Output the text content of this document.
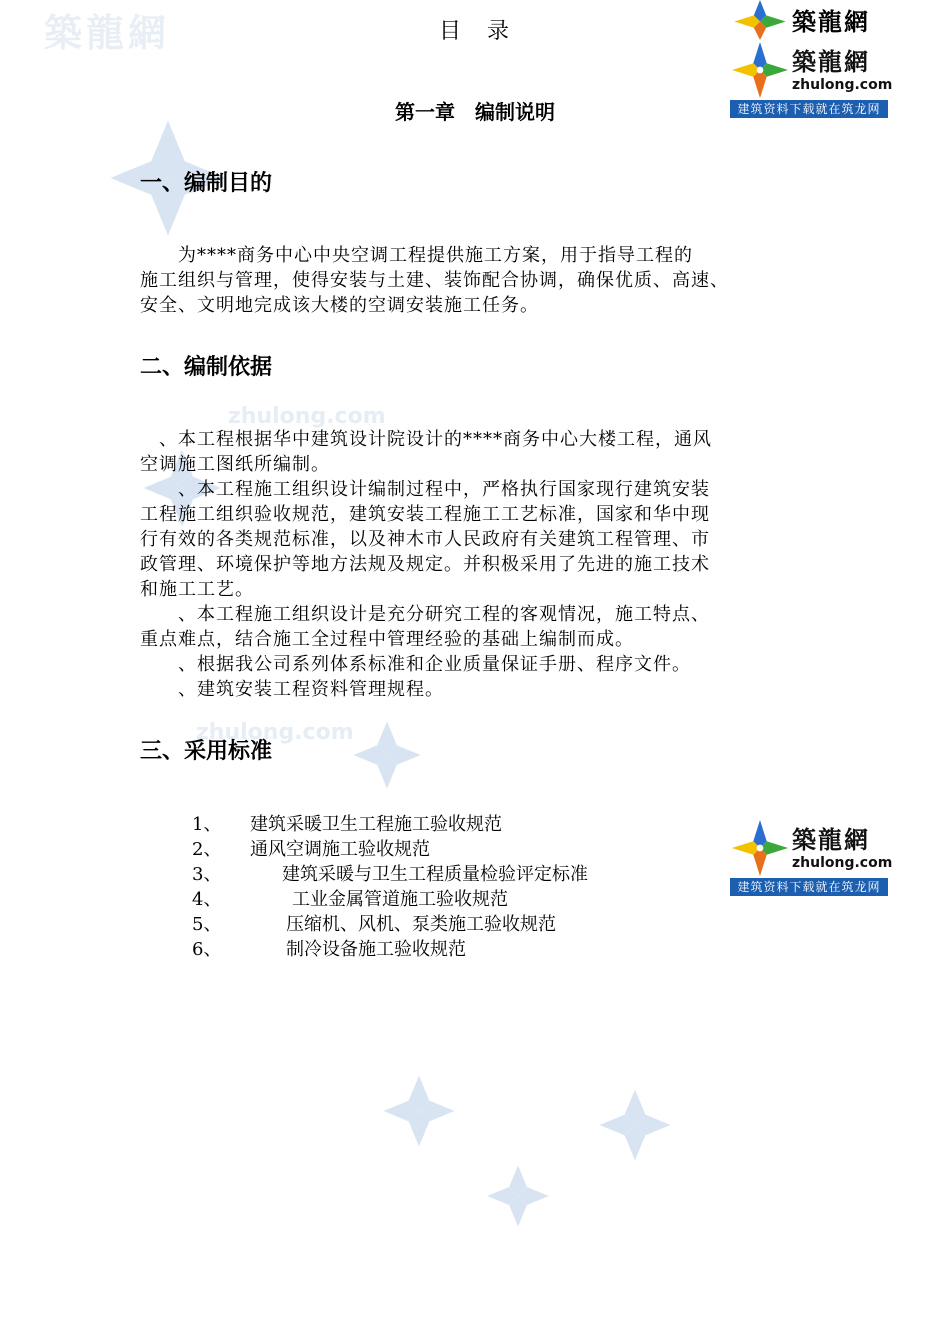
築龍網
zhulong.com
zhulong.com
築龍網
築龍網
zhulong.com
建筑资料下载就在筑龙网
築龍網
zhulong.com
建筑资料下载就在筑龙网
目　录
第一章　编制说明
一、编制目的
　　为****商务中心中央空调工程提供施工方案，用于指导工程的
施工组织与管理，使得安装与土建、装饰配合协调，确保优质、高速、
安全、文明地完成该大楼的空调安装施工任务。
二、编制依据
　、本工程根据华中建筑设计院设计的****商务中心大楼工程，通风
空调施工图纸所编制。
　　、本工程施工组织设计编制过程中，严格执行国家现行建筑安装
工程施工组织验收规范，建筑安装工程施工工艺标准，国家和华中现
行有效的各类规范标准，以及神木市人民政府有关建筑工程管理、市
政管理、环境保护等地方法规及规定。并积极采用了先进的施工技术
和施工工艺。
　　、本工程施工组织设计是充分研究工程的客观情况，施工特点、
重点难点，结合施工全过程中管理经验的基础上编制而成。
　　、根据我公司系列体系标准和企业质量保证手册、程序文件。
　　、建筑安装工程资料管理规程。
三、采用标准
1、 建筑采暖卫生工程施工验收规范
2、 通风空调施工验收规范
3、	建筑采暖与卫生工程质量检验评定标准
4、	工业金属管道施工验收规范
5、	压缩机、风机、泵类施工验收规范
6、	制冷设备施工验收规范
